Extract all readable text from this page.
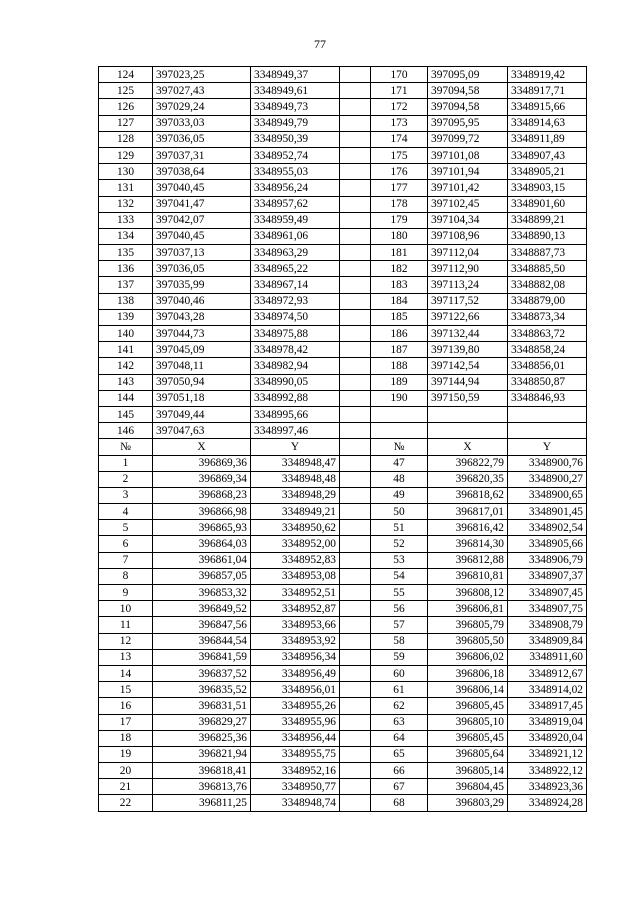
77
124	397023,25	3348949,37		170	397095,09	3348919,42
125	397027,43	3348949,61		171	397094,58	3348917,71
126	397029,24	3348949,73		172	397094,58	3348915,66
127	397033,03	3348949,79		173	397095,95	3348914,63
128	397036,05	3348950,39		174	397099,72	3348911,89
129	397037,31	3348952,74		175	397101,08	3348907,43
130	397038,64	3348955,03		176	397101,94	3348905,21
131	397040,45	3348956,24		177	397101,42	3348903,15
132	397041,47	3348957,62		178	397102,45	3348901,60
133	397042,07	3348959,49		179	397104,34	3348899,21
134	397040,45	3348961,06		180	397108,96	3348890,13
135	397037,13	3348963,29		181	397112,04	3348887,73
136	397036,05	3348965,22		182	397112,90	3348885,50
137	397035,99	3348967,14		183	397113,24	3348882,08
138	397040,46	3348972,93		184	397117,52	3348879,00
139	397043,28	3348974,50		185	397122,66	3348873,34
140	397044,73	3348975,88		186	397132,44	3348863,72
141	397045,09	3348978,42		187	397139,80	3348858,24
142	397048,11	3348982,94		188	397142,54	3348856,01
143	397050,94	3348990,05		189	397144,94	3348850,87
144	397051,18	3348992,88		190	397150,59	3348846,93
145	397049,44	3348995,66				
146	397047,63	3348997,46				
№	X	Y		№	X	Y
1	396869,36	3348948,47		47	396822,79	3348900,76
2	396869,34	3348948,48		48	396820,35	3348900,27
3	396868,23	3348948,29		49	396818,62	3348900,65
4	396866,98	3348949,21		50	396817,01	3348901,45
5	396865,93	3348950,62		51	396816,42	3348902,54
6	396864,03	3348952,00		52	396814,30	3348905,66
7	396861,04	3348952,83		53	396812,88	3348906,79
8	396857,05	3348953,08		54	396810,81	3348907,37
9	396853,32	3348952,51		55	396808,12	3348907,45
10	396849,52	3348952,87		56	396806,81	3348907,75
11	396847,56	3348953,66		57	396805,79	3348908,79
12	396844,54	3348953,92		58	396805,50	3348909,84
13	396841,59	3348956,34		59	396806,02	3348911,60
14	396837,52	3348956,49		60	396806,18	3348912,67
15	396835,52	3348956,01		61	396806,14	3348914,02
16	396831,51	3348955,26		62	396805,45	3348917,45
17	396829,27	3348955,96		63	396805,10	3348919,04
18	396825,36	3348956,44		64	396805,45	3348920,04
19	396821,94	3348955,75		65	396805,64	3348921,12
20	396818,41	3348952,16		66	396805,14	3348922,12
21	396813,76	3348950,77		67	396804,45	3348923,36
22	396811,25	3348948,74		68	396803,29	3348924,28
